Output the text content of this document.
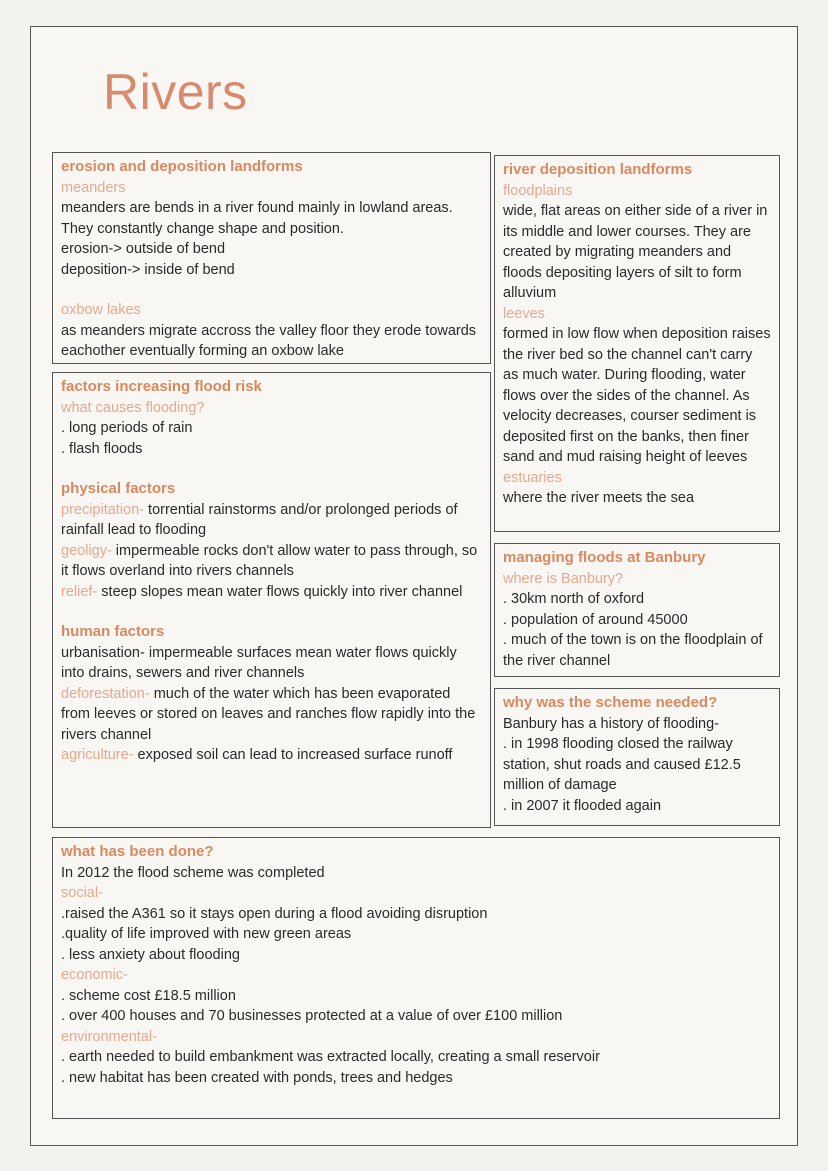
Rivers
erosion and deposition landforms
meanders

meanders are bends in a river found mainly in lowland areas. They constantly change shape and position.

erosion-> outside of bend
deposition-> inside of bend
oxbow lakes

as meanders migrate accross the valley floor they erode towards eachother eventually forming an oxbow lake

river deposition landforms
floodplains

wide, flat areas on either side of a river in its middle and lower courses. They are created by migrating meanders and floods depositing layers of silt to form alluvium

leeves

formed in low flow when deposition raises the river bed so the channel can't carry as much water. During flooding, water flows over the sides of the channel. As velocity decreases, courser sediment is deposited first on the banks, then finer sand and mud raising height of leeves

estuaries

where the river meets the sea

factors increasing flood risk
what causes flooding?
. long periods of rain
. flash floods
physical factors

precipitation- torrential rainstorms and/or prolonged periods of rainfall lead to flooding

geoligy- impermeable rocks don't allow water to pass through, so it flows overland into rivers channels

relief- steep slopes mean water flows quickly into river channel

human factors

urbanisation- impermeable surfaces mean water flows quickly into drains, sewers and river channels

deforestation- much of the water which has been evaporated from leeves or stored on leaves and ranches flow rapidly into the rivers channel

agriculture- exposed soil can lead to increased surface runoff

managing floods at Banbury
where is Banbury?
. 30km north of oxford
. population of around 45000
. much of the town is on the floodplain of the river channel
why was the scheme needed?
Banbury has a history of flooding-
. in 1998 flooding closed the railway station, shut roads and caused £12.5 million of damage
. in 2007 it flooded again
what has been done?
In 2012 the flood scheme was completed
social-
.raised the A361 so it stays open during a flood avoiding disruption
.quality of life improved with new green areas
. less anxiety about flooding
economic-
. scheme cost £18.5 million
. over 400 houses and 70 businesses protected at a value of over £100 million
environmental-
. earth needed to build embankment was extracted locally, creating a small reservoir
. new habitat has been created with ponds, trees and hedges
